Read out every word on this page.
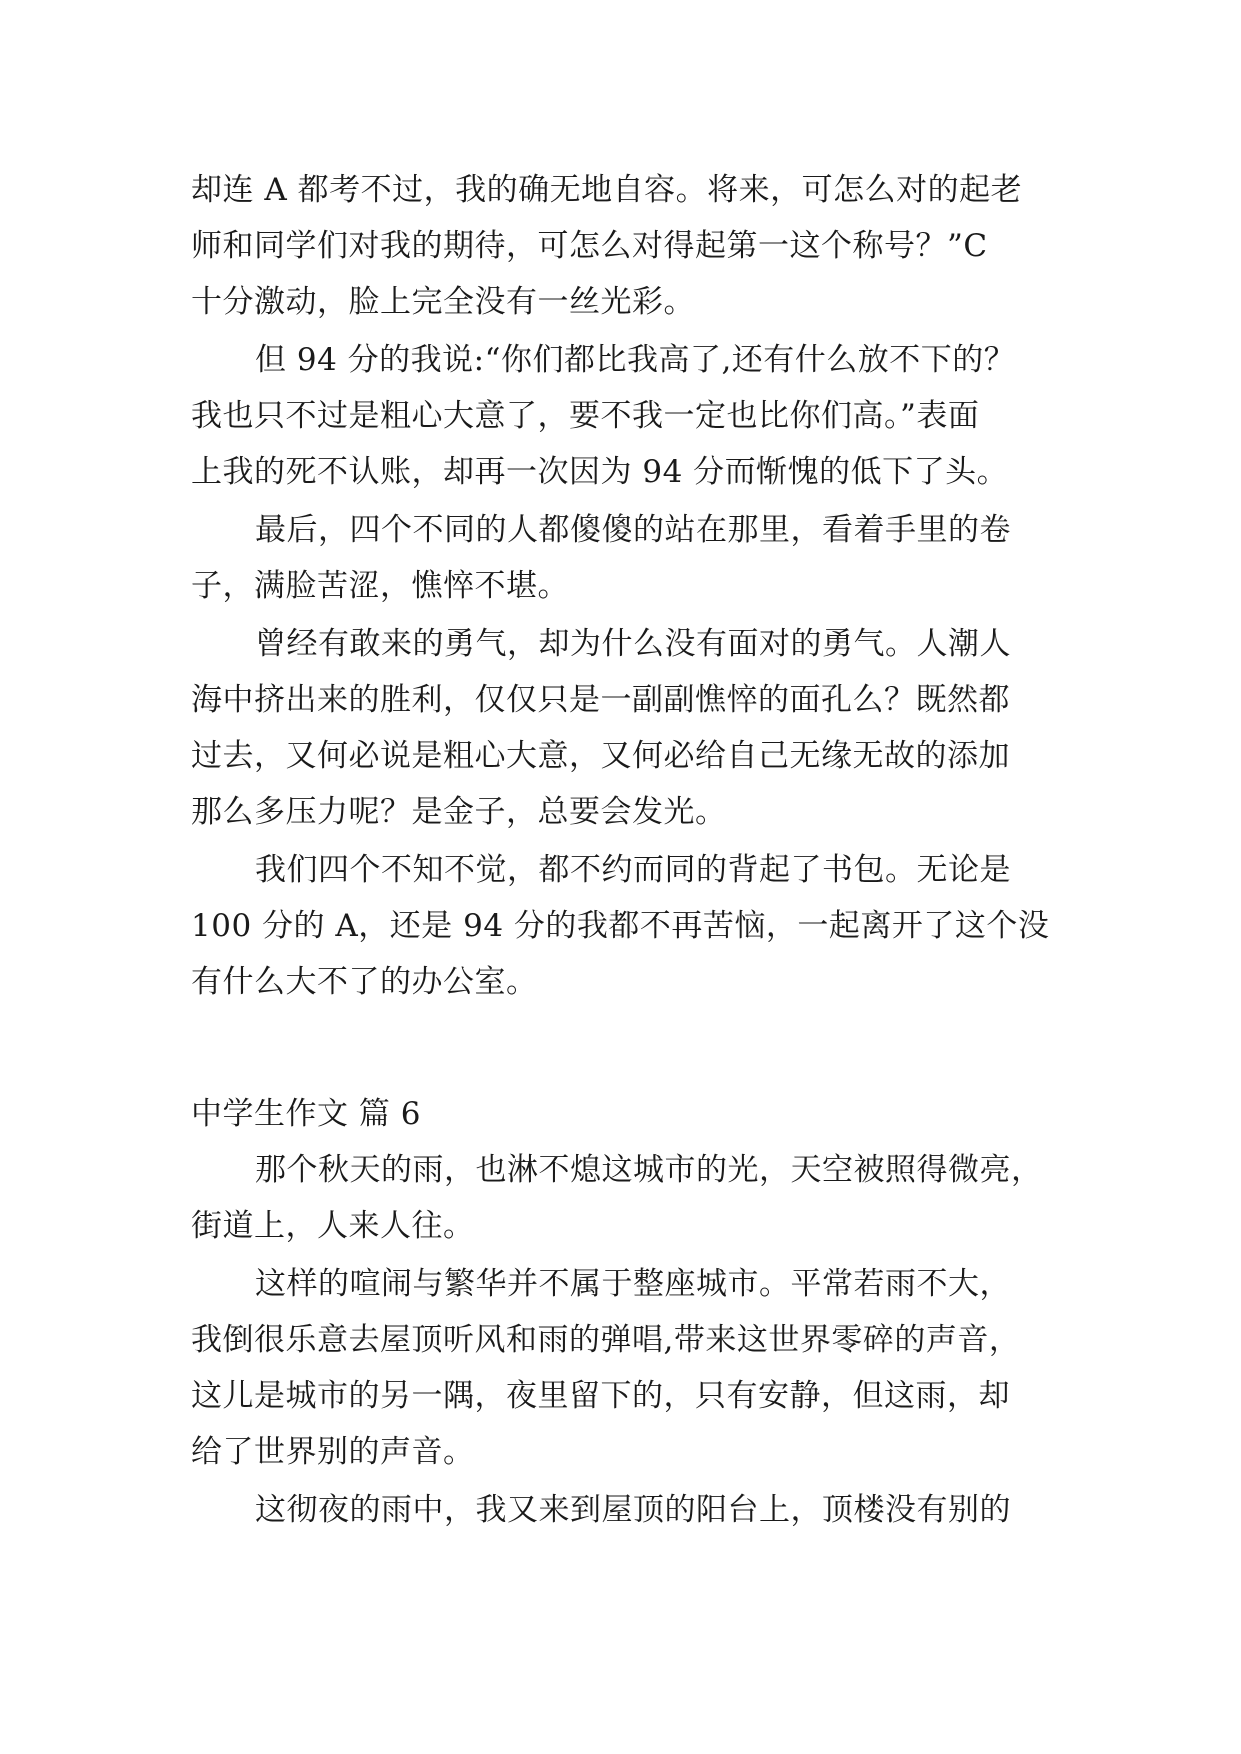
却连 A 都考不过，我的确无地自容。将来，可怎么对的起老
师和同学们对我的期待，可怎么对得起第一这个称号？”C
十分激动，脸上完全没有一丝光彩。
但 94 分的我说:“你们都比我高了,还有什么放不下的？
我也只不过是粗心大意了，要不我一定也比你们高。”表面
上我的死不认账，却再一次因为 94 分而惭愧的低下了头。
最后，四个不同的人都傻傻的站在那里，看着手里的卷
子，满脸苦涩，憔悴不堪。
曾经有敢来的勇气，却为什么没有面对的勇气。人潮人
海中挤出来的胜利，仅仅只是一副副憔悴的面孔么？既然都
过去，又何必说是粗心大意，又何必给自己无缘无故的添加
那么多压力呢？是金子，总要会发光。
我们四个不知不觉，都不约而同的背起了书包。无论是
100 分的 A，还是 94 分的我都不再苦恼，一起离开了这个没
有什么大不了的办公室。
中学生作文 篇 6
那个秋天的雨，也淋不熄这城市的光，天空被照得微亮，
街道上，人来人往。
这样的喧闹与繁华并不属于整座城市。平常若雨不大，
我倒很乐意去屋顶听风和雨的弹唱,带来这世界零碎的声音，
这儿是城市的另一隅，夜里留下的，只有安静，但这雨，却
给了世界别的声音。
这彻夜的雨中，我又来到屋顶的阳台上，顶楼没有别的
